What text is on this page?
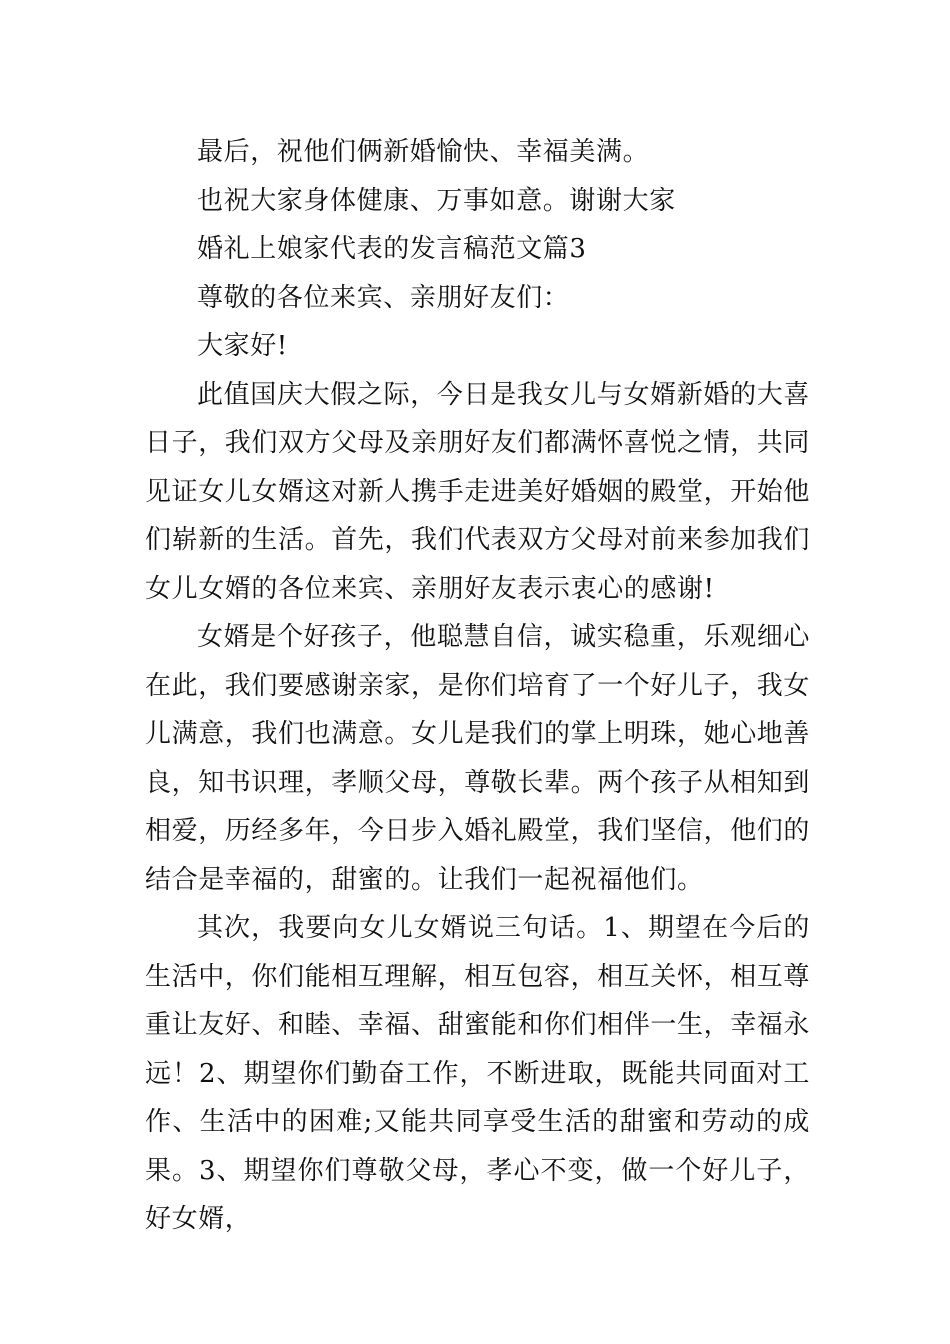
最后，祝他们俩新婚愉快、幸福美满。

也祝大家身体健康、万事如意。谢谢大家

婚礼上娘家代表的发言稿范文篇3

尊敬的各位来宾、亲朋好友们：

大家好!

此值国庆大假之际，今日是我女儿与女婿新婚的大喜日子，我们双方父母及亲朋好友们都满怀喜悦之情，共同见证女儿女婿这对新人携手走进美好婚姻的殿堂，开始他们崭新的生活。首先，我们代表双方父母对前来参加我们女儿女婿的各位来宾、亲朋好友表示衷心的感谢!

女婿是个好孩子，他聪慧自信，诚实稳重，乐观细心在此，我们要感谢亲家，是你们培育了一个好儿子，我女儿满意，我们也满意。女儿是我们的掌上明珠，她心地善良，知书识理，孝顺父母，尊敬长辈。两个孩子从相知到相爱，历经多年，今日步入婚礼殿堂，我们坚信，他们的结合是幸福的，甜蜜的。让我们一起祝福他们。

其次，我要向女儿女婿说三句话。1、期望在今后的生活中，你们能相互理解，相互包容，相互关怀，相互尊重让友好、和睦、幸福、甜蜜能和你们相伴一生，幸福永远！2、期望你们勤奋工作，不断进取，既能共同面对工作、生活中的困难;又能共同享受生活的甜蜜和劳动的成果。3、期望你们尊敬父母，孝心不变，做一个好儿子，好女婿，
